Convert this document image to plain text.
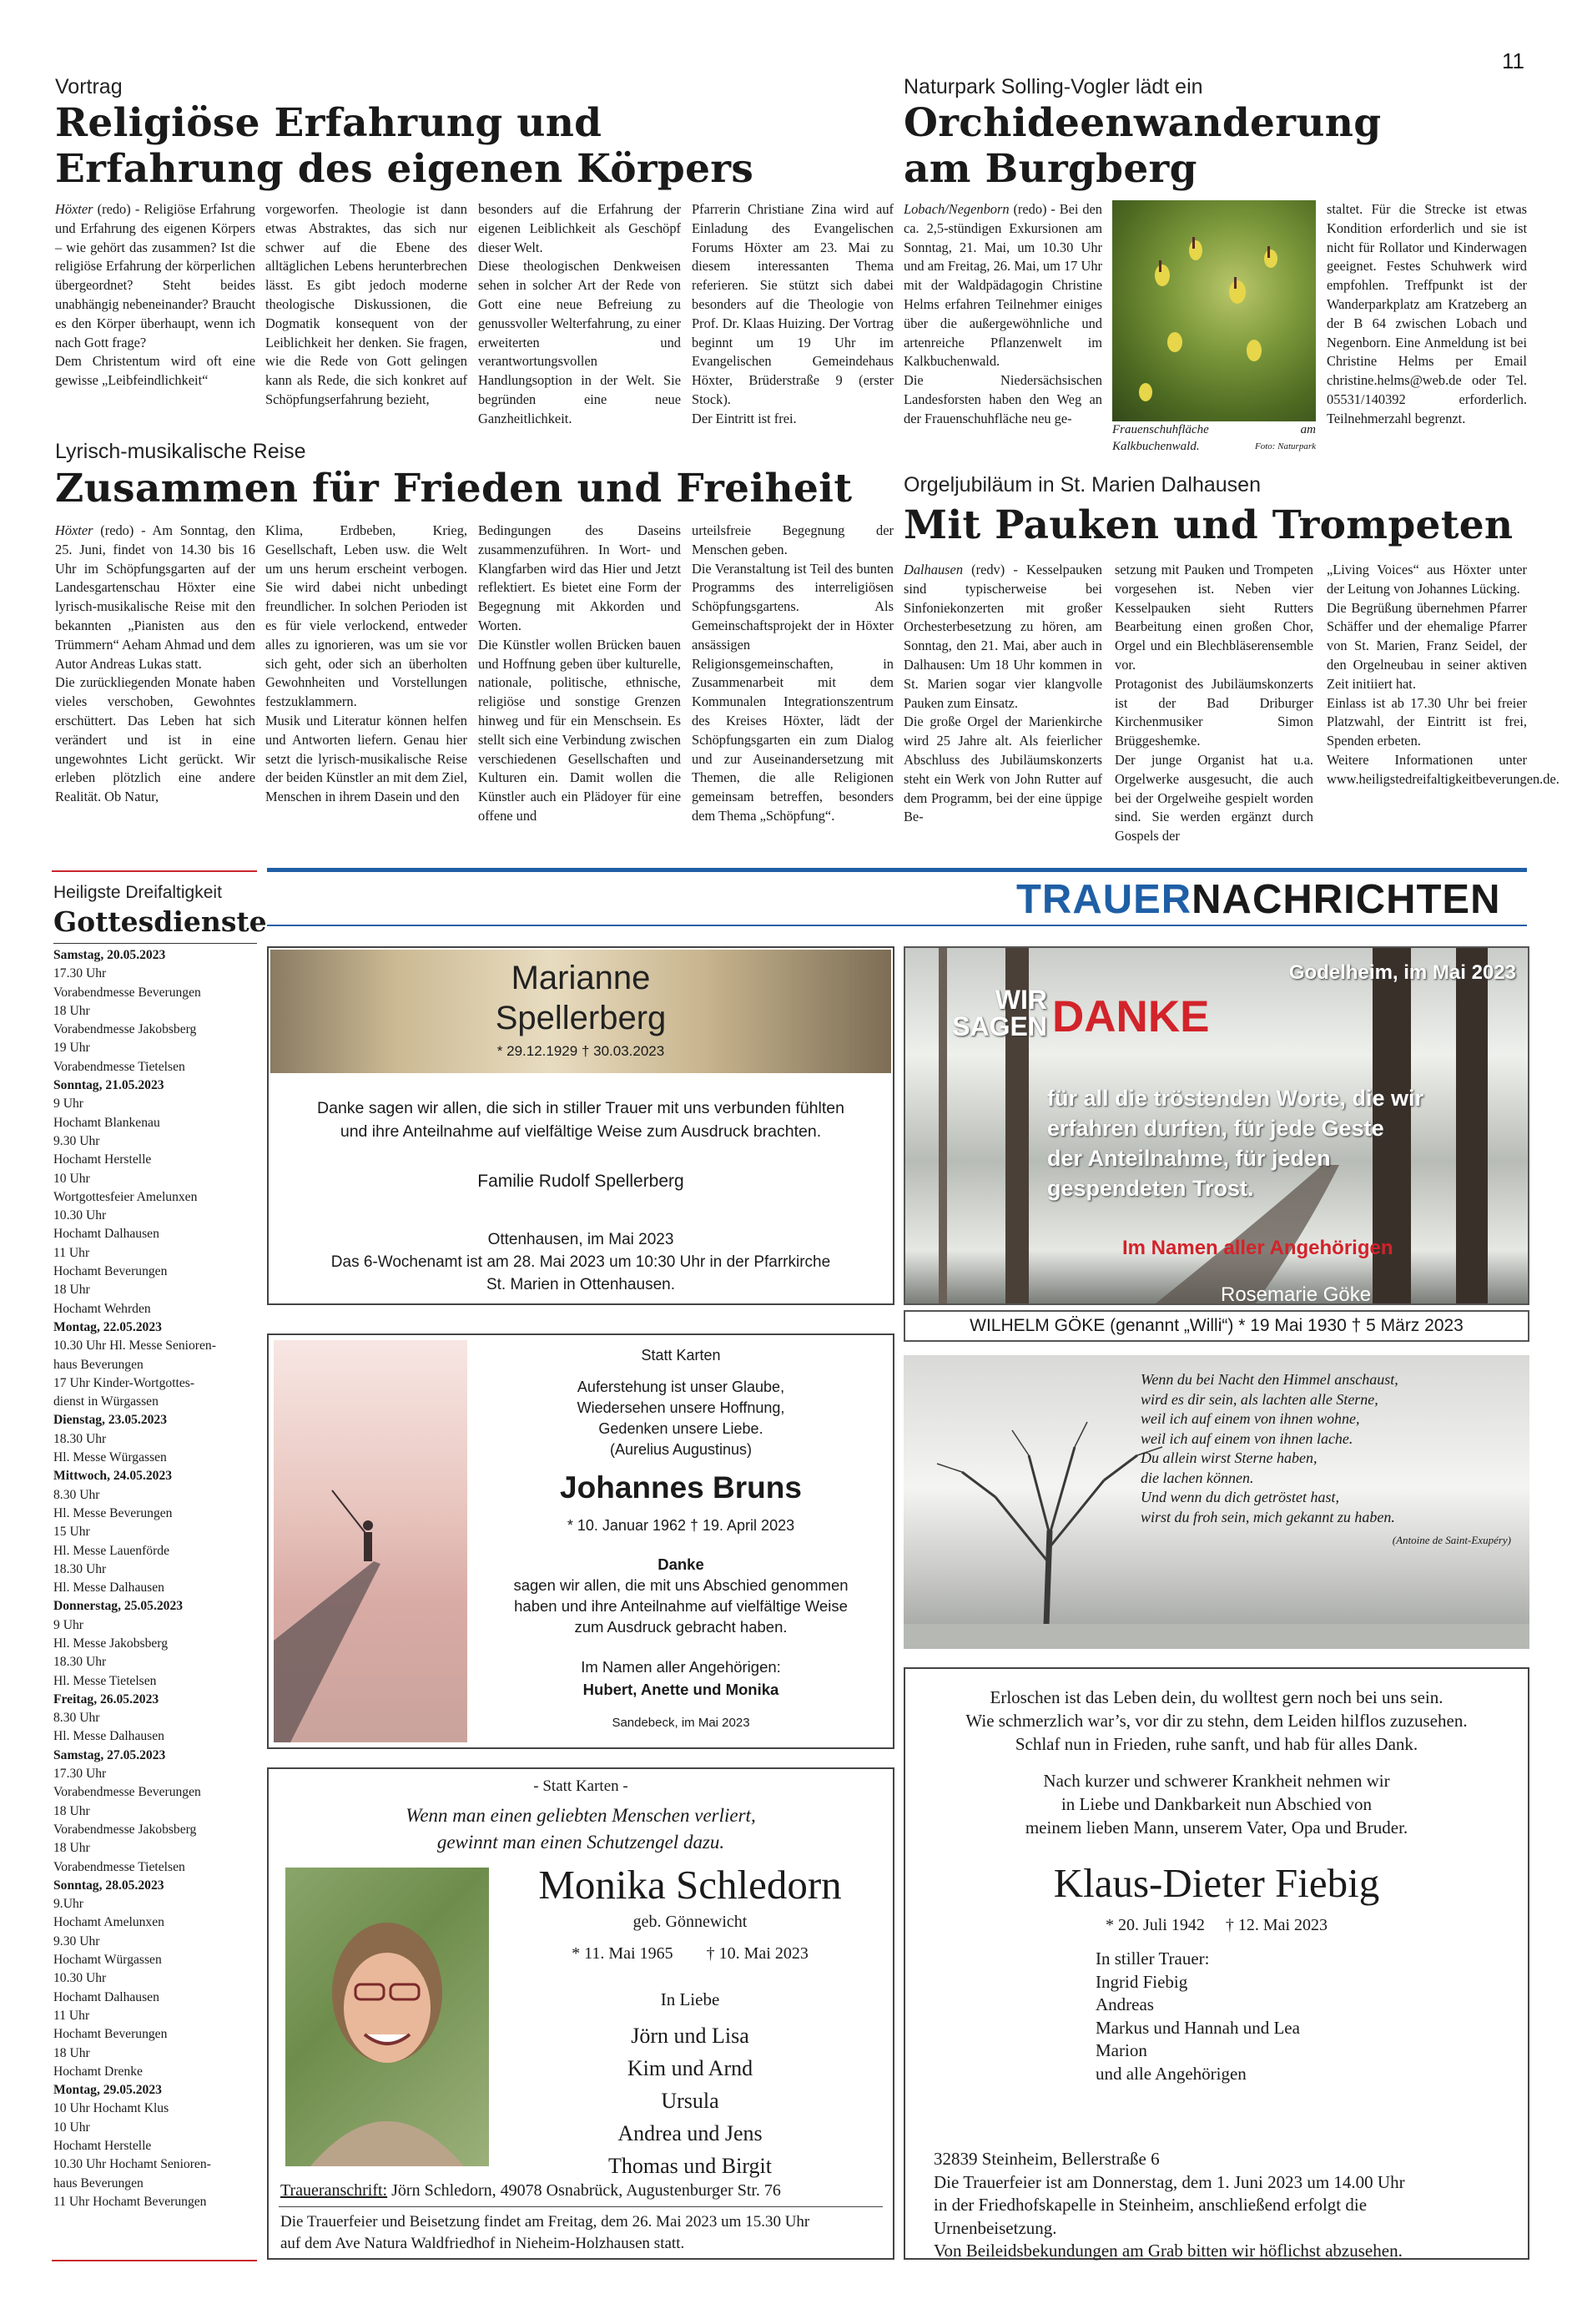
11
Vortrag
Religiöse Erfahrung und
Erfahrung des eigenen Körpers

Höxter (redo) - Religiöse Erfahrung und Erfahrung des eigenen Körpers – wie gehört das zusammen? Ist die religiöse Erfahrung der körperlichen übergeordnet? Steht beides unabhängig nebeneinander? Braucht es den Körper überhaupt, wenn ich nach Gott frage?

Dem Christentum wird oft eine gewisse „Leibfeindlichkeit“

vorgeworfen. Theologie ist dann etwas Abstraktes, das sich nur schwer auf die Ebene des alltäglichen Lebens herunterbrechen lässt. Es gibt jedoch moderne theologische Diskussionen, die Dogmatik konsequent von der Leiblichkeit her denken. Sie fragen, wie die Rede von Gott gelingen kann als Rede, die sich konkret auf Schöpfungserfahrung bezieht,

besonders auf die Erfahrung der eigenen Leiblichkeit als Geschöpf dieser Welt.

Diese theologischen Denkweisen sehen in solcher Art der Rede von Gott eine neue Befreiung zu genussvoller Welterfahrung, zu einer erweiterten und verantwortungsvollen Handlungsoption in der Welt. Sie begründen eine neue Ganzheitlichkeit.

Pfarrerin Christiane Zina wird auf Einladung des Evangelischen Forums Höxter am 23. Mai zu diesem interessanten Thema referieren. Sie stützt sich dabei besonders auf die Theologie von Prof. Dr. Klaas Huizing. Der Vortrag beginnt um 19 Uhr im Evangelischen Gemeindehaus Höxter, Brüderstraße 9 (erster Stock).

Der Eintritt ist frei.

Lyrisch-musikalische Reise
Zusammen für Frieden und Freiheit

Höxter (redo) - Am Sonntag, den 25. Juni, findet von 14.30 bis 16 Uhr im Schöpfungsgarten auf der Landesgartenschau Höxter eine lyrisch-musikalische Reise mit den bekannten „Pianisten aus den Trümmern“ Aeham Ahmad und dem Autor Andreas Lukas statt.

Die zurückliegenden Monate haben vieles verschoben, Gewohntes erschüttert. Das Leben hat sich verändert und ist in eine ungewohntes Licht gerückt. Wir erleben plötzlich eine andere Realität. Ob Natur,

Klima, Erdbeben, Krieg, Gesellschaft, Leben usw. die Welt um uns herum erscheint verbogen. Sie wird dabei nicht unbedingt freundlicher. In solchen Perioden ist es für viele verlockend, entweder alles zu ignorieren, was um sie vor sich geht, oder sich an überholten Gewohnheiten und Vorstellungen festzuklammern.

Musik und Literatur können helfen und Antworten liefern. Genau hier setzt die lyrisch-musikalische Reise der beiden Künstler an mit dem Ziel, Menschen in ihrem Dasein und den

Bedingungen des Daseins zusammenzuführen. In Wort- und Klangfarben wird das Hier und Jetzt reflektiert. Es bietet eine Form der Begegnung mit Akkorden und Worten.

Die Künstler wollen Brücken bauen und Hoffnung geben über kulturelle, nationale, politische, ethnische, religiöse und sonstige Grenzen hinweg und für ein Menschsein. Es stellt sich eine Verbindung zwischen verschiedenen Gesellschaften und Kulturen ein. Damit wollen die Künstler auch ein Plädoyer für eine offene und

urteilsfreie Begegnung der Menschen geben.

Die Veranstaltung ist Teil des bunten Programms des interreligiösen Schöpfungsgartens. Als Gemeinschaftsprojekt der in Höxter ansässigen Religionsgemeinschaften, in Zusammenarbeit mit dem Kommunalen Integrationszentrum des Kreises Höxter, lädt der Schöpfungsgarten ein zum Dialog und zur Auseinandersetzung mit Themen, die alle Religionen gemeinsam betreffen, besonders dem Thema „Schöpfung“.

Naturpark Solling-Vogler lädt ein
Orchideenwanderung
am Burgberg

Lobach/Negenborn (redo) - Bei den ca. 2,5-stündigen Exkursionen am Sonntag, 21. Mai, um 10.30 Uhr und am Freitag, 26. Mai, um 17 Uhr mit der Waldpädagogin Christine Helms erfahren Teilnehmer einiges über die außergewöhnliche und artenreiche Pflanzenwelt im Kalkbuchenwald.

Die Niedersächsischen Landesforsten haben den Weg an der Frauenschuhfläche neu ge-

Frauenschuhfläche am Kalkbuchenwald.	Foto: Naturpark
staltet. Für die Strecke ist etwas Kondition erforderlich und sie ist nicht für Rollator und Kinderwagen geeignet. Festes Schuhwerk wird empfohlen. Treffpunkt ist der Wanderparkplatz am Kratzeberg an der B 64 zwischen Lobach und Negenborn. Eine Anmeldung ist bei Christine Helms per Email christine.helms@web.de oder Tel. 05531/140392 erforderlich. Teilnehmerzahl begrenzt.
Orgeljubiläum in St. Marien Dalhausen
Mit Pauken und Trompeten

Dalhausen (redv) - Kesselpauken sind typischerweise bei Sinfoniekonzerten mit großer Orchesterbesetzung zu hören, am Sonntag, den 21. Mai, aber auch in Dalhausen: Um 18 Uhr kommen in St. Marien sogar vier klangvolle Pauken zum Einsatz.

Die große Orgel der Marienkirche wird 25 Jahre alt. Als feierlicher Abschluss des Jubiläumskonzerts steht ein Werk von John Rutter auf dem Programm, bei der eine üppige Be-

setzung mit Pauken und Trompeten vorgesehen ist. Neben vier Kesselpauken sieht Rutters Bearbeitung einen großen Chor, Orgel und ein Blechbläserensemble vor.

Protagonist des Jubiläumskonzerts ist der Bad Driburger Kirchenmusiker Simon Brüggeshemke.

Der junge Organist hat u.a. Orgelwerke ausgesucht, die auch bei der Orgelweihe gespielt worden sind. Sie werden ergänzt durch Gospels der

„Living Voices“ aus Höxter unter der Leitung von Johannes Lücking.

Die Begrüßung übernehmen Pfarrer Schäffer und der ehemalige Pfarrer von St. Marien, Franz Seidel, der den Orgelneubau in seiner aktiven Zeit initiiert hat.

Einlass ist ab 17.30 Uhr bei freier Platzwahl, der Eintritt ist frei, Spenden erbeten.

Weitere Informationen unter www.heiligstedreifaltigkeitbeverungen.de.

Heiligste Dreifaltigkeit
Gottesdienste
Samstag, 20.05.2023
17.30 Uhr
Vorabendmesse Beverungen
18 Uhr
Vorabendmesse Jakobsberg
19 Uhr
Vorabendmesse Tietelsen
Sonntag, 21.05.2023
9 Uhr
Hochamt Blankenau
9.30 Uhr
Hochamt Herstelle
10 Uhr
Wortgottesfeier Amelunxen
10.30 Uhr
Hochamt Dalhausen
11 Uhr
Hochamt Beverungen
18 Uhr
Hochamt Wehrden
Montag, 22.05.2023
10.30 Uhr Hl. Messe Senioren-
haus Beverungen
17 Uhr Kinder-Wortgottes-
dienst in Würgassen
Dienstag, 23.05.2023
18.30 Uhr
Hl. Messe Würgassen
Mittwoch, 24.05.2023
8.30 Uhr
Hl. Messe Beverungen
15 Uhr
Hl. Messe Lauenförde
18.30 Uhr
Hl. Messe Dalhausen
Donnerstag, 25.05.2023
9 Uhr
Hl. Messe Jakobsberg
18.30 Uhr
Hl. Messe Tietelsen
Freitag, 26.05.2023
8.30 Uhr
Hl. Messe Dalhausen
Samstag, 27.05.2023
17.30 Uhr
Vorabendmesse Beverungen
18 Uhr
Vorabendmesse Jakobsberg
18 Uhr
Vorabendmesse Tietelsen
Sonntag, 28.05.2023
9.Uhr
Hochamt Amelunxen
9.30 Uhr
Hochamt Würgassen
10.30 Uhr
Hochamt Dalhausen
11 Uhr
Hochamt Beverungen
18 Uhr
Hochamt Drenke
Montag, 29.05.2023
10 Uhr Hochamt Klus
10 Uhr
Hochamt Herstelle
10.30 Uhr Hochamt Senioren-
haus Beverungen
11 Uhr Hochamt Beverungen
TRAUERNACHRICHTEN
Marianne
Spellerberg
* 29.12.1929 † 30.03.2023
Danke sagen wir allen, die sich in stiller Trauer mit uns verbunden fühlten
und ihre Anteilnahme auf vielfältige Weise zum Ausdruck brachten.
Familie Rudolf Spellerberg
Ottenhausen, im Mai 2023
Das 6-Wochenamt ist am 28. Mai 2023 um 10:30 Uhr in der Pfarrkirche
St. Marien in Ottenhausen.
Statt Karten
Auferstehung ist unser Glaube,
Wiedersehen unsere Hoffnung,
Gedenken unsere Liebe.
(Aurelius Augustinus)
Johannes Bruns
* 10. Januar 1962 † 19. April 2023
Danke
sagen wir allen, die mit uns Abschied genommen
haben und ihre Anteilnahme auf vielfältige Weise
zum Ausdruck gebracht haben.
Im Namen aller Angehörigen:
Hubert, Anette und Monika
Sandebeck, im Mai 2023
- Statt Karten -
Wenn man einen geliebten Menschen verliert,
gewinnt man einen Schutzengel dazu.
Monika Schledorn
geb. Gönnewicht
* 11. Mai 1965        † 10. Mai 2023
In Liebe
Jörn und Lisa
Kim und Arnd
Ursula
Andrea und Jens
Thomas und Birgit
Traueranschrift: Jörn Schledorn, 49078 Osnabrück, Augustenburger Str. 76
Die Trauerfeier und Beisetzung findet am Freitag, dem 26. Mai 2023 um 15.30 Uhr
auf dem Ave Natura Waldfriedhof in Nieheim-Holzhausen statt.
Godelheim, im Mai 2023
WIR
SAGEN DANKE
für all die tröstenden Worte, die wir
erfahren durften, für jede Geste
der Anteilnahme, für jeden
gespendeten Trost.
Im Namen aller Angehörigen
Rosemarie Göke
WILHELM GÖKE (genannt „Willi“) * 19 Mai 1930 † 5 März 2023
Wenn du bei Nacht den Himmel anschaust,
wird es dir sein, als lachten alle Sterne,
weil ich auf einem von ihnen wohne,
weil ich auf einem von ihnen lache.
Du allein wirst Sterne haben,
die lachen können.
Und wenn du dich getröstet hast,
wirst du froh sein, mich gekannt zu haben.
(Antoine de Saint-Exupéry)
Erloschen ist das Leben dein, du wolltest gern noch bei uns sein.
Wie schmerzlich war’s, vor dir zu stehn, dem Leiden hilflos zuzusehen.
Schlaf nun in Frieden, ruhe sanft, und hab für alles Dank.
Nach kurzer und schwerer Krankheit nehmen wir
in Liebe und Dankbarkeit nun Abschied von
meinem lieben Mann, unserem Vater, Opa und Bruder.
Klaus-Dieter Fiebig
* 20. Juli 1942     † 12. Mai 2023
In stiller Trauer:
Ingrid Fiebig
Andreas
Markus und Hannah und Lea
Marion
und alle Angehörigen
32839 Steinheim, Bellerstraße 6
Die Trauerfeier ist am Donnerstag, dem 1. Juni 2023 um 14.00 Uhr
in der Friedhofskapelle in Steinheim, anschließend erfolgt die
Urnenbeisetzung.
Von Beileidsbekundungen am Grab bitten wir höflichst abzusehen.
